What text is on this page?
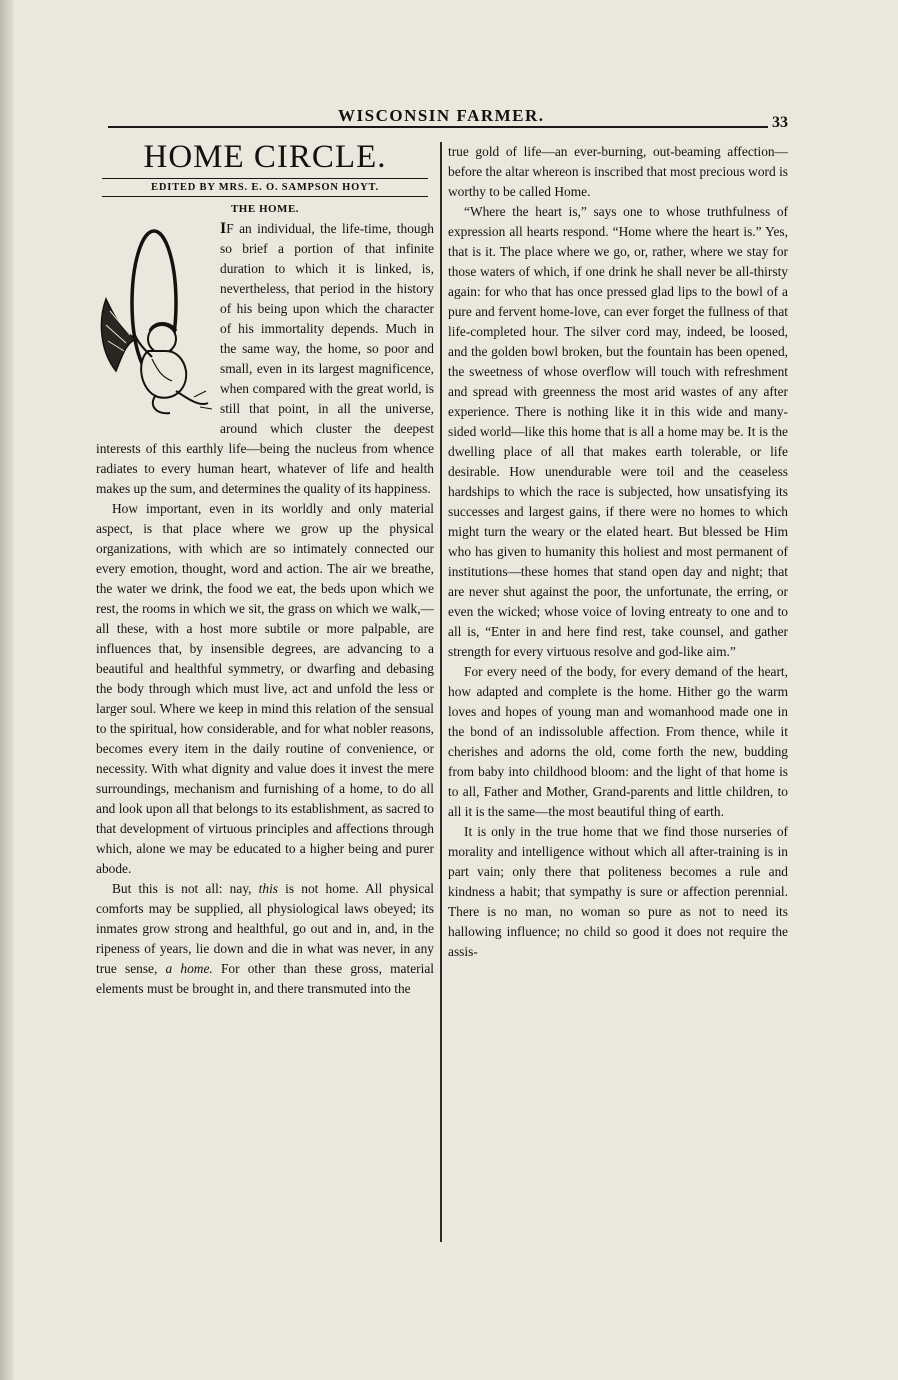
WISCONSIN FARMER.	33
HOME CIRCLE.
EDITED BY MRS. E. O. SAMPSON HOYT.
THE HOME.

IF an individual, the life-time, though so brief a portion of that infinite duration to which it is linked, is, nevertheless, that period in the history of his being upon which the character of his immortality depends. Much in the same way, the home, so poor and small, even in its largest magnificence, when compared with the great world, is still that point, in all the universe, around which cluster the deepest interests of this earthly life—being the nucleus from whence radiates to every human heart, whatever of life and health makes up the sum, and determines the quality of its happiness.

How important, even in its worldly and only material aspect, is that place where we grow up the physical organizations, with which are so intimately connected our every emotion, thought, word and action. The air we breathe, the water we drink, the food we eat, the beds upon which we rest, the rooms in which we sit, the grass on which we walk,—all these, with a host more subtile or more palpable, are influences that, by insensible degrees, are advancing to a beautiful and healthful symmetry, or dwarfing and debasing the body through which must live, act and unfold the less or larger soul. Where we keep in mind this relation of the sensual to the spiritual, how considerable, and for what nobler reasons, becomes every item in the daily routine of convenience, or necessity. With what dignity and value does it invest the mere surroundings, mechanism and furnishing of a home, to do all and look upon all that belongs to its establishment, as sacred to that development of virtuous principles and affections through which, alone we may be educated to a higher being and purer abode.

But this is not all: nay, this is not home. All physical comforts may be supplied, all physiological laws obeyed; its inmates grow strong and healthful, go out and in, and, in the ripeness of years, lie down and die in what was never, in any true sense, a home. For other than these gross, material elements must be brought in, and there transmuted into the

true gold of life—an ever-burning, out-beaming affection—before the altar whereon is inscribed that most precious word is worthy to be called Home.

“Where the heart is,” says one to whose truthfulness of expression all hearts respond. “Home where the heart is.” Yes, that is it. The place where we go, or, rather, where we stay for those waters of which, if one drink he shall never be all-thirsty again: for who that has once pressed glad lips to the bowl of a pure and fervent home-love, can ever forget the fullness of that life-completed hour. The silver cord may, indeed, be loosed, and the golden bowl broken, but the fountain has been opened, the sweetness of whose overflow will touch with refreshment and spread with greenness the most arid wastes of any after experience. There is nothing like it in this wide and many-sided world—like this home that is all a home may be. It is the dwelling place of all that makes earth tolerable, or life desirable. How unendurable were toil and the ceaseless hardships to which the race is subjected, how unsatisfying its successes and largest gains, if there were no homes to which might turn the weary or the elated heart. But blessed be Him who has given to humanity this holiest and most permanent of institutions—these homes that stand open day and night; that are never shut against the poor, the unfortunate, the erring, or even the wicked; whose voice of loving entreaty to one and to all is, “Enter in and here find rest, take counsel, and gather strength for every virtuous resolve and god-like aim.”

For every need of the body, for every demand of the heart, how adapted and complete is the home. Hither go the warm loves and hopes of young man and womanhood made one in the bond of an indissoluble affection. From thence, while it cherishes and adorns the old, come forth the new, budding from baby into childhood bloom: and the light of that home is to all, Father and Mother, Grand-parents and little children, to all it is the same—the most beautiful thing of earth.

It is only in the true home that we find those nurseries of morality and intelligence without which all after-training is in part vain; only there that politeness becomes a rule and kindness a habit; that sympathy is sure or affection perennial. There is no man, no woman so pure as not to need its hallowing influence; no child so good it does not require the assis-
